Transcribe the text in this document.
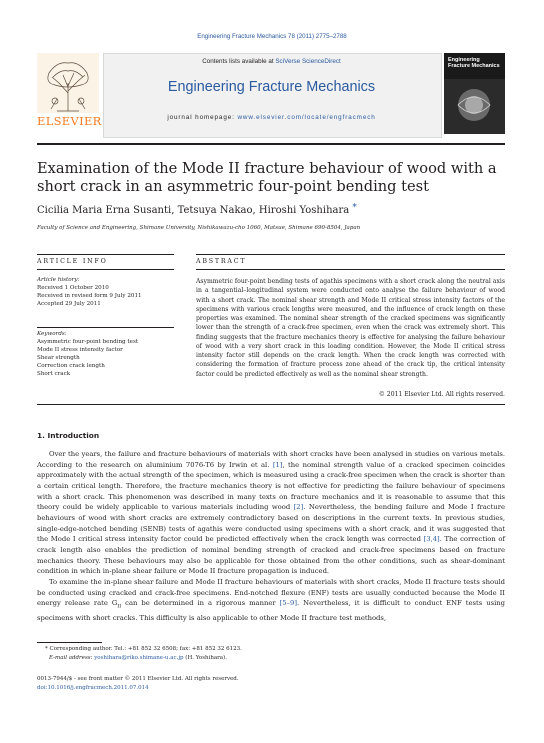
Engineering Fracture Mechanics 78 (2011) 2775–2788
Contents lists available at SciVerse ScienceDirect
Engineering Fracture Mechanics
journal homepage: www.elsevier.com/locate/engfracmech
ELSEVIER
Engineering Fracture Mechanics
Examination of the Mode II fracture behaviour of wood with a short crack in an asymmetric four-point bending test
Cicilia Maria Erna Susanti, Tetsuya Nakao, Hiroshi Yoshihara *
Faculty of Science and Engineering, Shimane University, Nishikawazu-cho 1060, Matsue, Shimane 690-8504, Japan
ARTICLE INFO
Article history:
Received 1 October 2010
Received in revised form 9 July 2011
Accepted 29 July 2011
Keywords:
Asymmetric four-point bending test
Mode II stress intensity factor
Shear strength
Correction crack length
Short crack
ABSTRACT
Asymmetric four-point bending tests of agathis specimens with a short crack along the neutral axis in a tangential–longitudinal system were conducted onto analyse the failure behaviour of wood with a short crack. The nominal shear strength and Mode II critical stress intensity factors of the specimens with various crack lengths were measured, and the influence of crack length on these properties was examined. The nominal shear strength of the cracked specimens was significantly lower than the strength of a crack-free specimen, even when the crack was extremely short. This finding suggests that the fracture mechanics theory is effective for analysing the failure behaviour of wood with a very short crack in this loading condition. However, the Mode II critical stress intensity factor still depends on the crack length. When the crack length was corrected with considering the formation of fracture process zone ahead of the crack tip, the critical intensity factor could be predicted effectively as well as the nominal shear strength.
© 2011 Elsevier Ltd. All rights reserved.
1. Introduction

Over the years, the failure and fracture behaviours of materials with short cracks have been analysed in studies on various metals. According to the research on aluminium 7076-T6 by Irwin et al. [1], the nominal strength value of a cracked specimen coincides approximately with the actual strength of the specimen, which is measured using a crack-free specimen when the crack is shorter than a certain critical length. Therefore, the fracture mechanics theory is not effective for predicting the failure behaviour of specimens with a short crack. This phenomenon was described in many texts on fracture mechanics and it is reasonable to assume that this theory could be widely applicable to various materials including wood [2]. Nevertheless, the bending failure and Mode I fracture behaviours of wood with short cracks are extremely contradictory based on descriptions in the current texts. In previous studies, single-edge-notched bending (SENB) tests of agathis were conducted using specimens with a short crack, and it was suggested that the Mode I critical stress intensity factor could be predicted effectively when the crack length was corrected [3,4]. The correction of crack length also enables the prediction of nominal bending strength of cracked and crack-free specimens based on fracture mechanics theory. These behaviours may also be applicable for those obtained from the other conditions, such as shear-dominant condition in which in-plane shear failure or Mode II fracture propagation is induced.

To examine the in-plane shear failure and Mode II fracture behaviours of materials with short cracks, Mode II fracture tests should be conducted using cracked and crack-free specimens. End-notched flexure (ENF) tests are usually conducted because the Mode II energy release rate $G_{II}$ can be determined in a rigorous manner [5–9]. Nevertheless, it is difficult to conduct ENF tests using specimens with short cracks. This difficulty is also applicable to other Mode II fracture test methods,

* Corresponding author. Tel.: +81 852 32 6508; fax: +81 852 32 6123.
E-mail address: yoshihara@riko.shimane-u.ac.jp (H. Yoshihara).
0013-7944/$ - see front matter © 2011 Elsevier Ltd. All rights reserved.
doi:10.1016/j.engfracmech.2011.07.014
